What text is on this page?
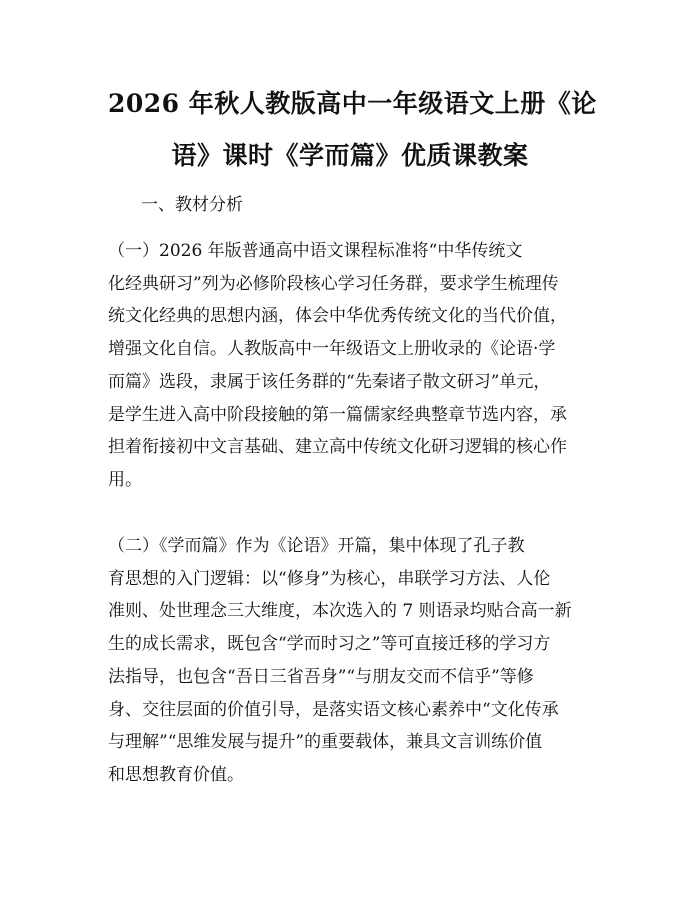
2026 年秋人教版高中一年级语文上册《论
语》课时《学而篇》优质课教案

一、教材分析

（一）2026 年版普通高中语文课程标准将“中华传统文
化经典研习”列为必修阶段核心学习任务群，要求学生梳理传
统文化经典的思想内涵，体会中华优秀传统文化的当代价值，
增强文化自信。人教版高中一年级语文上册收录的《论语·学
而篇》选段，隶属于该任务群的“先秦诸子散文研习”单元，
是学生进入高中阶段接触的第一篇儒家经典整章节选内容，承
担着衔接初中文言基础、建立高中传统文化研习逻辑的核心作
用。

（二）《学而篇》作为《论语》开篇，集中体现了孔子教
育思想的入门逻辑：以“修身”为核心，串联学习方法、人伦
准则、处世理念三大维度，本次选入的 7 则语录均贴合高一新
生的成长需求，既包含“学而时习之”等可直接迁移的学习方
法指导，也包含“吾日三省吾身”“与朋友交而不信乎”等修
身、交往层面的价值引导，是落实语文核心素养中“文化传承
与理解”“思维发展与提升”的重要载体，兼具文言训练价值
和思想教育价值。
